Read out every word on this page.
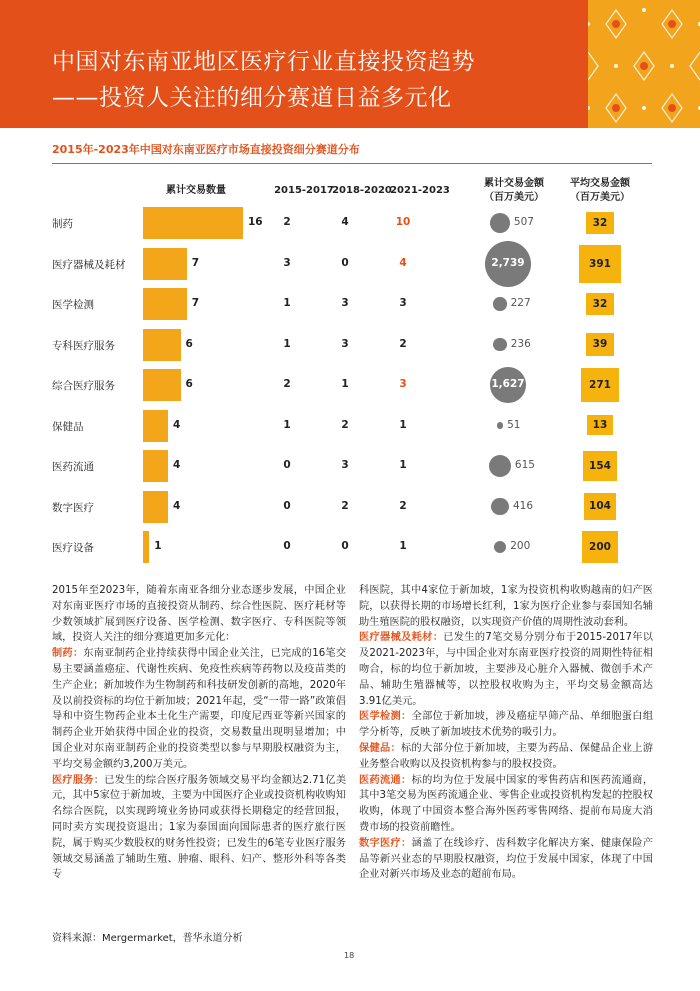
中国对东南亚地区医疗行业直接投资趋势
——投资人关注的细分赛道日益多元化
2015年-2023年中国对东南亚医疗市场直接投资细分赛道分布
累计交易数量	2015-2017
2018-2020
2021-2023
累计交易金额
（百万美元）
平均交易金额
（百万美元）
制药	16	2	4	10	507	32
医疗器械及耗材	7	3	0	4	2,739	391
医学检测	7	1	3	3	227	32
专科医疗服务	6	1	3	2	236	39
综合医疗服务	6	2	1	3	1,627	271
保健品	4	1	2	1	51	13
医药流通	4	0	3	1	615	154
数字医疗	4	0	2	2	416	104
医疗设备	1	0	0	1	200	200

2015年至2023年，随着东南亚各细分业态逐步发展，中国企业对东南亚医疗市场的直接投资从制药、综合性医院、医疗耗材等少数领域扩展到医疗设备、医学检测、数字医疗、专科医院等领域，投资人关注的细分赛道更加多元化：

制药：东南亚制药企业持续获得中国企业关注，已完成的16笔交易主要涵盖癌症、代谢性疾病、免疫性疾病等药物以及疫苗类的生产企业；新加坡作为生物制药和科技研发创新的高地，2020年及以前投资标的均位于新加坡；2021年起，受“一带一路”政策倡导和中资生物药企业本土化生产需要，印度尼西亚等新兴国家的制药企业开始获得中国企业的投资，交易数量出现明显增加；中国企业对东南亚制药企业的投资类型以参与早期股权融资为主，平均交易金额约3,200万美元。

医疗服务：已发生的综合医疗服务领域交易平均金额达2.71亿美元，其中5家位于新加坡，主要为中国医疗企业或投资机构收购知名综合医院，以实现跨境业务协同或获得长期稳定的经营回报，同时卖方实现投资退出；1家为泰国面向国际患者的医疗旅行医院，属于购买少数股权的财务性投资；已发生的6笔专业医疗服务领域交易涵盖了辅助生殖、肿瘤、眼科、妇产、整形外科等各类专

科医院，其中4家位于新加坡，1家为投资机构收购越南的妇产医院，以获得长期的市场增长红利，1家为医疗企业参与泰国知名辅助生殖医院的股权融资，以实现资产价值的周期性波动套利。

医疗器械及耗材：已发生的7笔交易分别分布于2015-2017年以及2021-2023年，与中国企业对东南亚医疗投资的周期性特征相吻合，标的均位于新加坡，主要涉及心脏介入器械、微创手术产品、辅助生殖器械等，以控股权收购为主，平均交易金额高达3.91亿美元。

医学检测：全部位于新加坡，涉及癌症早筛产品、单细胞蛋白组学分析等，反映了新加坡技术优势的吸引力。

保健品：标的大部分位于新加坡，主要为药品、保健品企业上游业务整合收购以及投资机构参与的股权投资。

医药流通：标的均为位于发展中国家的零售药店和医药流通商，其中3笔交易为医药流通企业、零售企业或投资机构发起的控股权收购，体现了中国资本整合海外医药零售网络、提前布局庞大消费市场的投资前瞻性。

数字医疗：涵盖了在线诊疗、齿科数字化解决方案、健康保险产品等新兴业态的早期股权融资，均位于发展中国家，体现了中国企业对新兴市场及业态的超前布局。

资料来源：Mergermarket，普华永道分析
18
